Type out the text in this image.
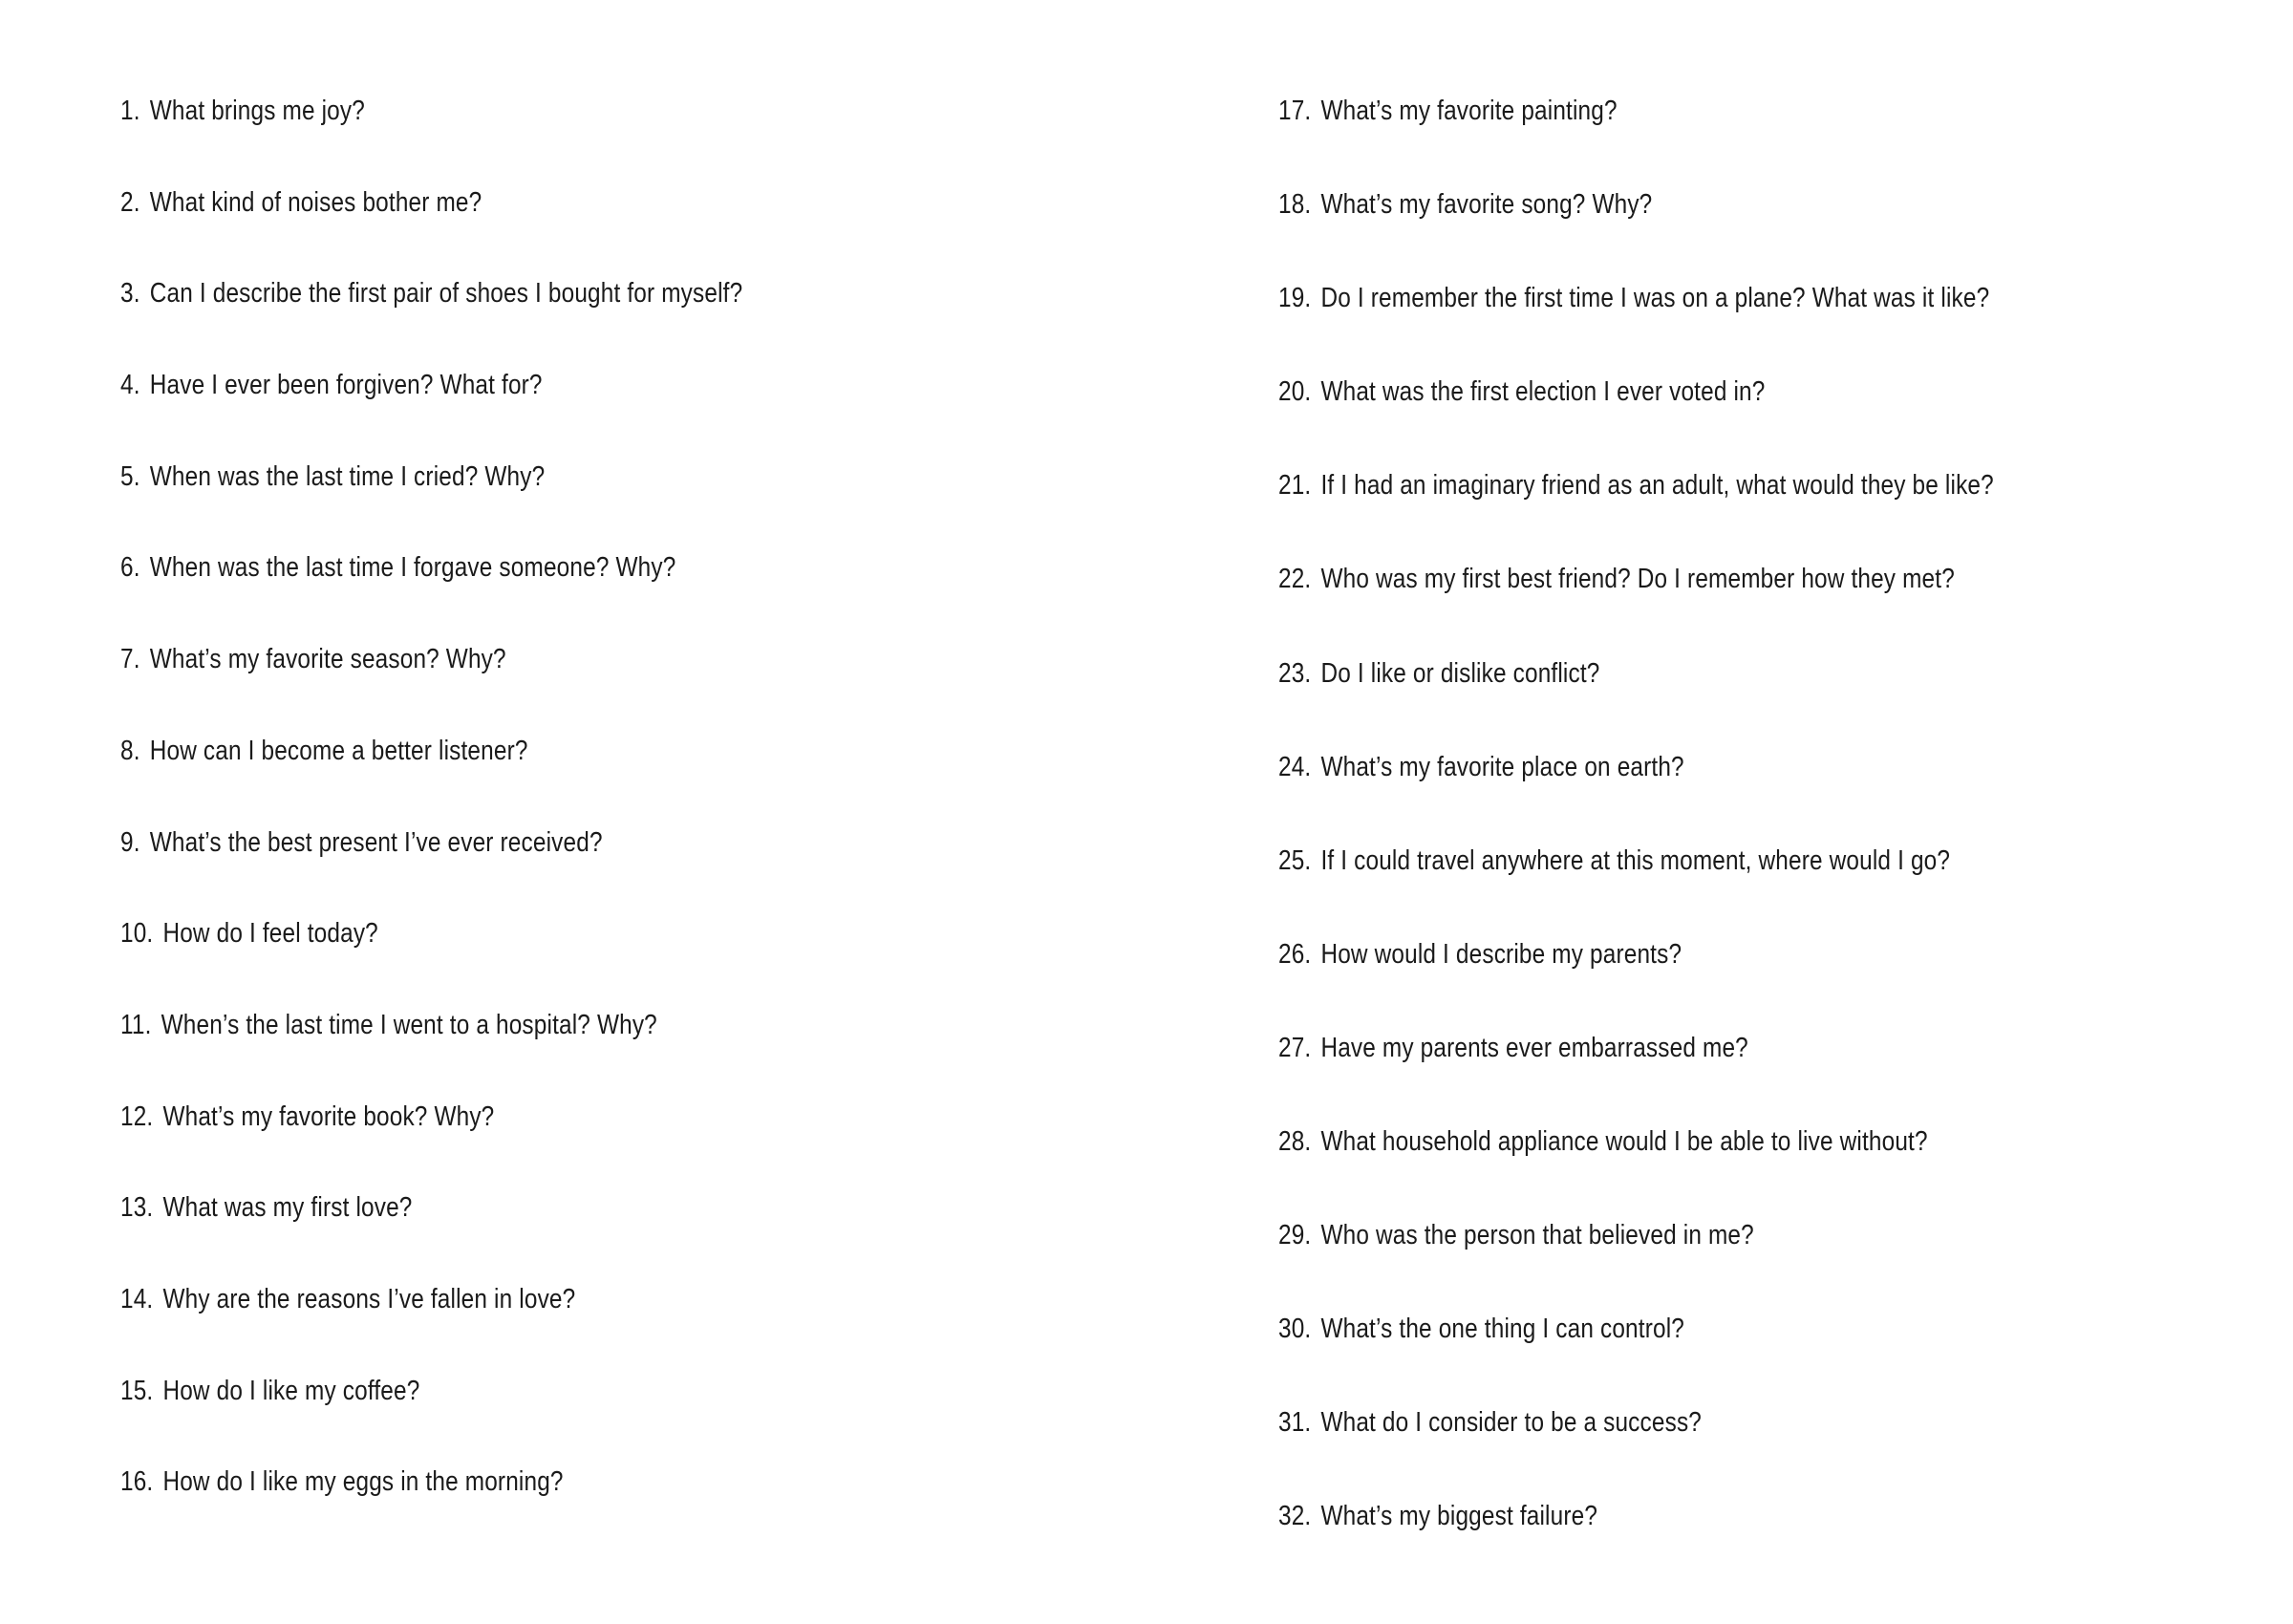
1. What brings me joy?
2. What kind of noises bother me?
3. Can I describe the first pair of shoes I bought for myself?
4. Have I ever been forgiven? What for?
5. When was the last time I cried? Why?
6. When was the last time I forgave someone? Why?
7. What’s my favorite season? Why?
8. How can I become a better listener?
9. What’s the best present I’ve ever received?
10. How do I feel today?
11. When’s the last time I went to a hospital? Why?
12. What’s my favorite book? Why?
13. What was my first love?
14. Why are the reasons I’ve fallen in love?
15. How do I like my coffee?
16. How do I like my eggs in the morning?
17. What’s my favorite painting?
18. What’s my favorite song? Why?
19. Do I remember the first time I was on a plane? What was it like?
20. What was the first election I ever voted in?
21. If I had an imaginary friend as an adult, what would they be like?
22. Who was my first best friend? Do I remember how they met?
23. Do I like or dislike conflict?
24. What’s my favorite place on earth?
25. If I could travel anywhere at this moment, where would I go?
26. How would I describe my parents?
27. Have my parents ever embarrassed me?
28. What household appliance would I be able to live without?
29. Who was the person that believed in me?
30. What’s the one thing I can control?
31. What do I consider to be a success?
32. What’s my biggest failure?
